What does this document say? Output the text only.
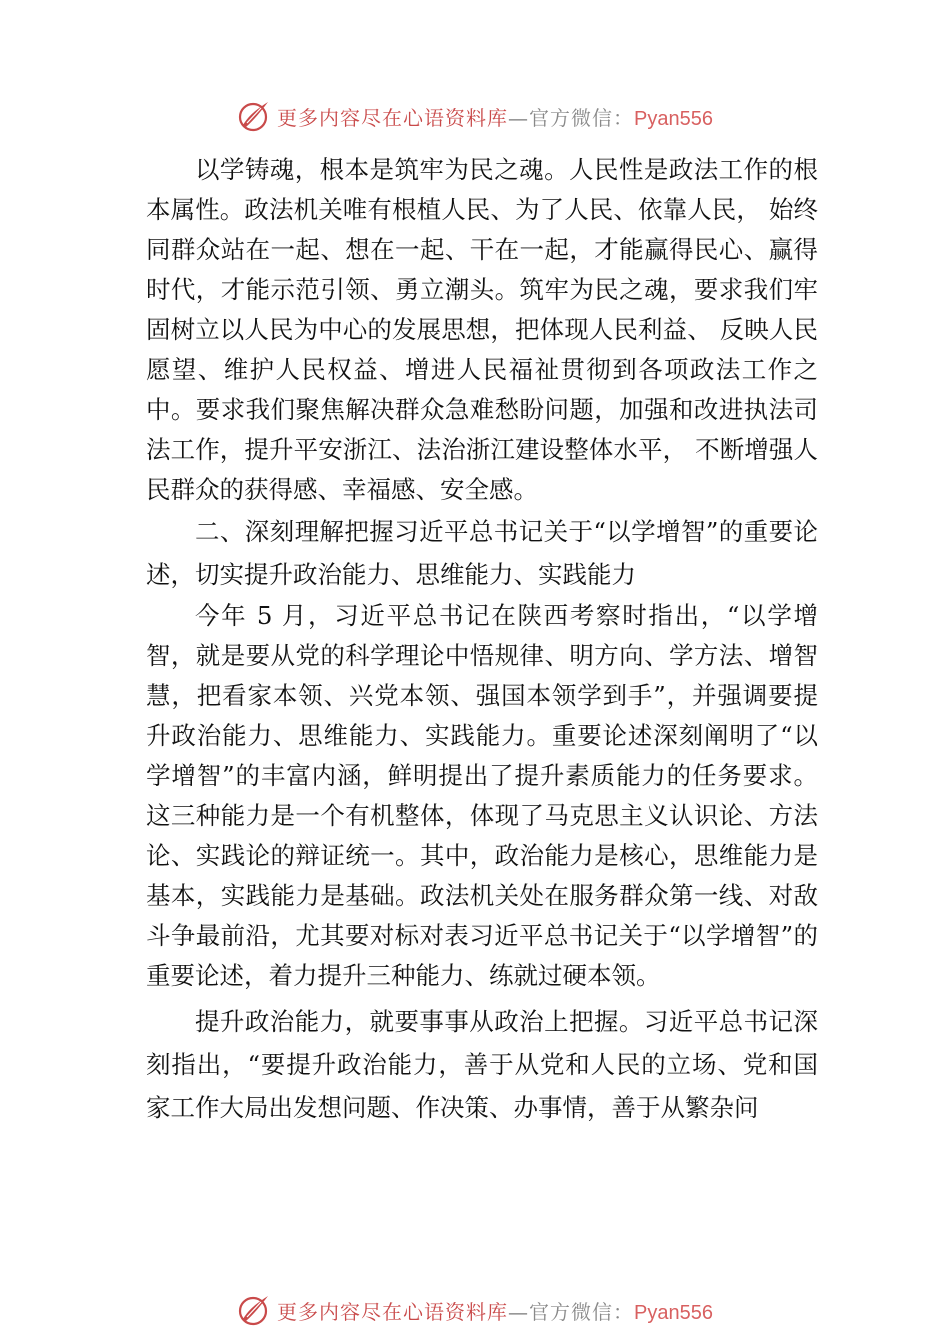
更多内容尽在心语资料库—官方微信：Pyan556

以学铸魂，根本是筑牢为民之魂。人民性是政法工作的根本属性。政法机关唯有根植人民、为了人民、依靠人民， 始终同群众站在一起、想在一起、干在一起，才能赢得民心、赢得时代，才能示范引领、勇立潮头。筑牢为民之魂，要求我们牢固树立以人民为中心的发展思想，把体现人民利益、 反映人民愿望、维护人民权益、增进人民福祉贯彻到各项政法工作之中。要求我们聚焦解决群众急难愁盼问题，加强和改进执法司法工作，提升平安浙江、法治浙江建设整体水平， 不断增强人民群众的获得感、幸福感、安全感。

二、深刻理解把握习近平总书记关于“以学增智”的重要论述，切实提升政治能力、思维能力、实践能力

今年 5 月，习近平总书记在陕西考察时指出，“以学增智，就是要从党的科学理论中悟规律、明方向、学方法、增智慧，把看家本领、兴党本领、强国本领学到手”，并强调要提升政治能力、思维能力、实践能力。重要论述深刻阐明了“以学增智”的丰富内涵，鲜明提出了提升素质能力的任务要求。这三种能力是一个有机整体，体现了马克思主义认识论、方法论、实践论的辩证统一。其中，政治能力是核心，思维能力是基本，实践能力是基础。政法机关处在服务群众第一线、对敌斗争最前沿，尤其要对标对表习近平总书记关于“以学增智”的重要论述，着力提升三种能力、练就过硬本领。

提升政治能力，就要事事从政治上把握。习近平总书记深刻指出，“要提升政治能力，善于从党和人民的立场、党和国家工作大局出发想问题、作决策、办事情，善于从繁杂问

更多内容尽在心语资料库—官方微信：Pyan556
